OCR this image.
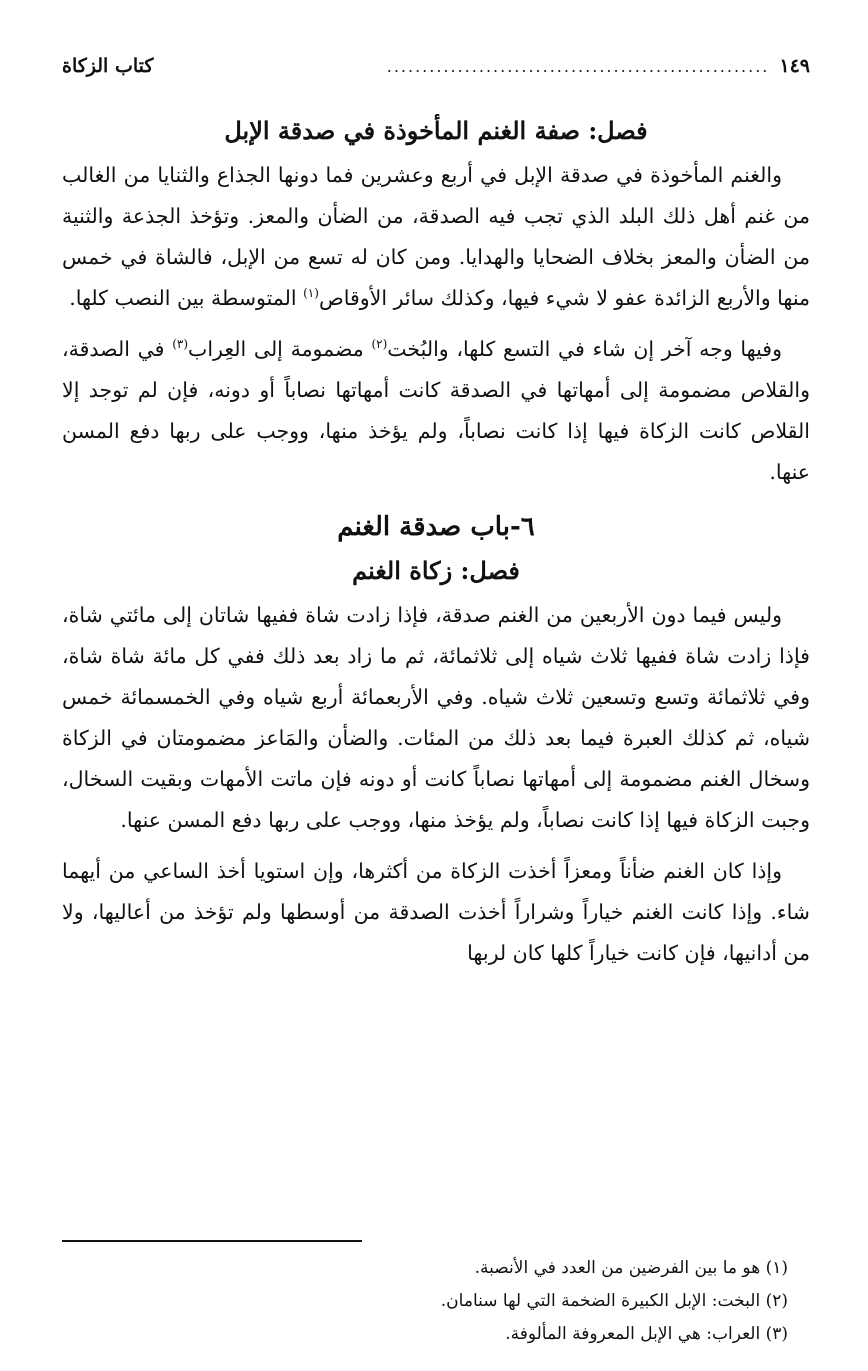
١٤٩
......................................................
كتاب الزكاة
فصل: صفة الغنم المأخوذة في صدقة الإبل

والغنم المأخوذة في صدقة الإبل في أربع وعشرين فما دونها الجذاع والثنايا من الغالب من غنم أهل ذلك البلد الذي تجب فيه الصدقة، من الضأن والمعز. وتؤخذ الجذعة والثنية من الضأن والمعز بخلاف الضحايا والهدايا. ومن كان له تسع من الإبل، فالشاة في خمس منها والأربع الزائدة عفو لا شيء فيها، وكذلك سائر الأوقاص$^{(١)}$ المتوسطة بين النصب كلها.

وفيها وجه آخر إن شاء في التسع كلها، والبُخت$^{(٢)}$ مضمومة إلى العِراب$^{(٣)}$ في الصدقة، والقلاص مضمومة إلى أمهاتها في الصدقة كانت أمهاتها نصاباً أو دونه، فإن لم توجد إلا القلاص كانت الزكاة فيها إذا كانت نصاباً، ولم يؤخذ منها، ووجب على ربها دفع المسن عنها.

٦-باب صدقة الغنم
فصل: زكاة الغنم

وليس فيما دون الأربعين من الغنم صدقة، فإذا زادت شاة ففيها شاتان إلى مائتي شاة، فإذا زادت شاة ففيها ثلاث شياه إلى ثلاثمائة، ثم ما زاد بعد ذلك ففي كل مائة شاة شاة، وفي ثلاثمائة وتسع وتسعين ثلاث شياه. وفي الأربعمائة أربع شياه وفي الخمسمائة خمس شياه، ثم كذلك العبرة فيما بعد ذلك من المئات. والضأن والمَاعز مضمومتان في الزكاة وسخال الغنم مضمومة إلى أمهاتها نصاباً كانت أو دونه فإن ماتت الأمهات وبقيت السخال، وجبت الزكاة فيها إذا كانت نصاباً، ولم يؤخذ منها، ووجب على ربها دفع المسن عنها.

وإذا كان الغنم ضأناً ومعزاً أخذت الزكاة من أكثرها، وإن استويا أخذ الساعي من أيهما شاء. وإذا كانت الغنم خياراً وشراراً أخذت الصدقة من أوسطها ولم تؤخذ من أعاليها، ولا من أدانيها، فإن كانت خياراً كلها كان لربها

(١) هو ما بين الفرضين من العدد في الأنصبة.
(٢) البخت: الإبل الكبيرة الضخمة التي لها سنامان.
(٣) العراب: هي الإبل المعروفة المألوفة.
